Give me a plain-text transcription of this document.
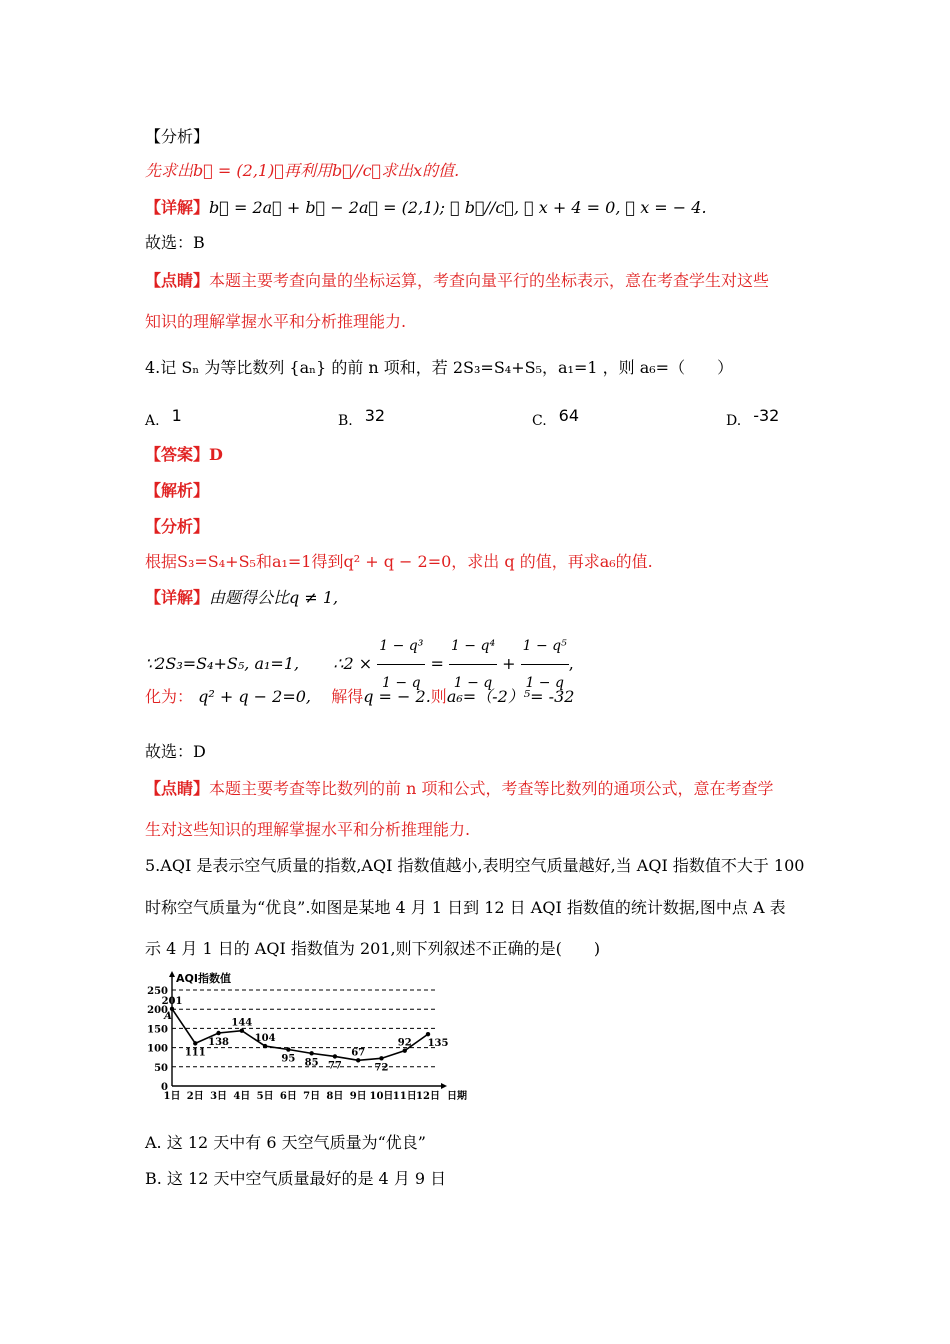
【分析】
先求出b⃗ = (2,1)，再利用b⃗//c⃗求出x的值.
【详解】b⃗ = 2a⃗ + b⃗ − 2a⃗ = (2,1); ∵ b⃗//c⃗, ∴ x + 4 = 0, ∴ x = − 4.
故选：B
【点睛】本题主要考查向量的坐标运算，考查向量平行的坐标表示，意在考查学生对这些
知识的理解掌握水平和分析推理能力.
4.记 Sₙ 为等比数列 {aₙ} 的前 n 项和，若 2S₃=S₄+S₅，a₁=1 ，则 a₆=（　　）
A. 1	B. 32	C. 64	D. -32
【答案】D
【解析】
【分析】
根据S₃=S₄+S₅和a₁=1得到q² + q − 2=0，求出 q 的值，再求a₆的值.
【详解】由题得公比q ≠ 1,
∵2S₃=S₄+S₅, a₁=1, ∴2 × $\frac{\text{1 − q³}}{1 - q} = \frac{\text{1 − q⁴}}{1 - q} + \frac{\text{1 − q⁵}}{1 - q}$ ,
化为： q² + q − 2=0, 解得q = − 2.则a₆=（-2）⁵= -32
故选：D
【点睛】本题主要考查等比数列的前 n 项和公式，考查等比数列的通项公式，意在考查学
生对这些知识的理解掌握水平和分析推理能力.
5.AQI 是表示空气质量的指数,AQI 指数值越小,表明空气质量越好,当 AQI 指数值不大于 100
时称空气质量为“优良”.如图是某地 4 月 1 日到 12 日 AQI 指数值的统计数据,图中点 A 表
示 4 月 1 日的 AQI 指数值为 201,则下列叙述不正确的是(　　)
AQI指数值
0
50
100
150
200
250
1日 2日 3日 4日 5日 6日 7日 8日 9日 10日 11日 12日 日期
201
111
138
144
104
95 85 77
67
72
92 135
A
A. 这 12 天中有 6 天空气质量为“优良”
B. 这 12 天中空气质量最好的是 4 月 9 日
